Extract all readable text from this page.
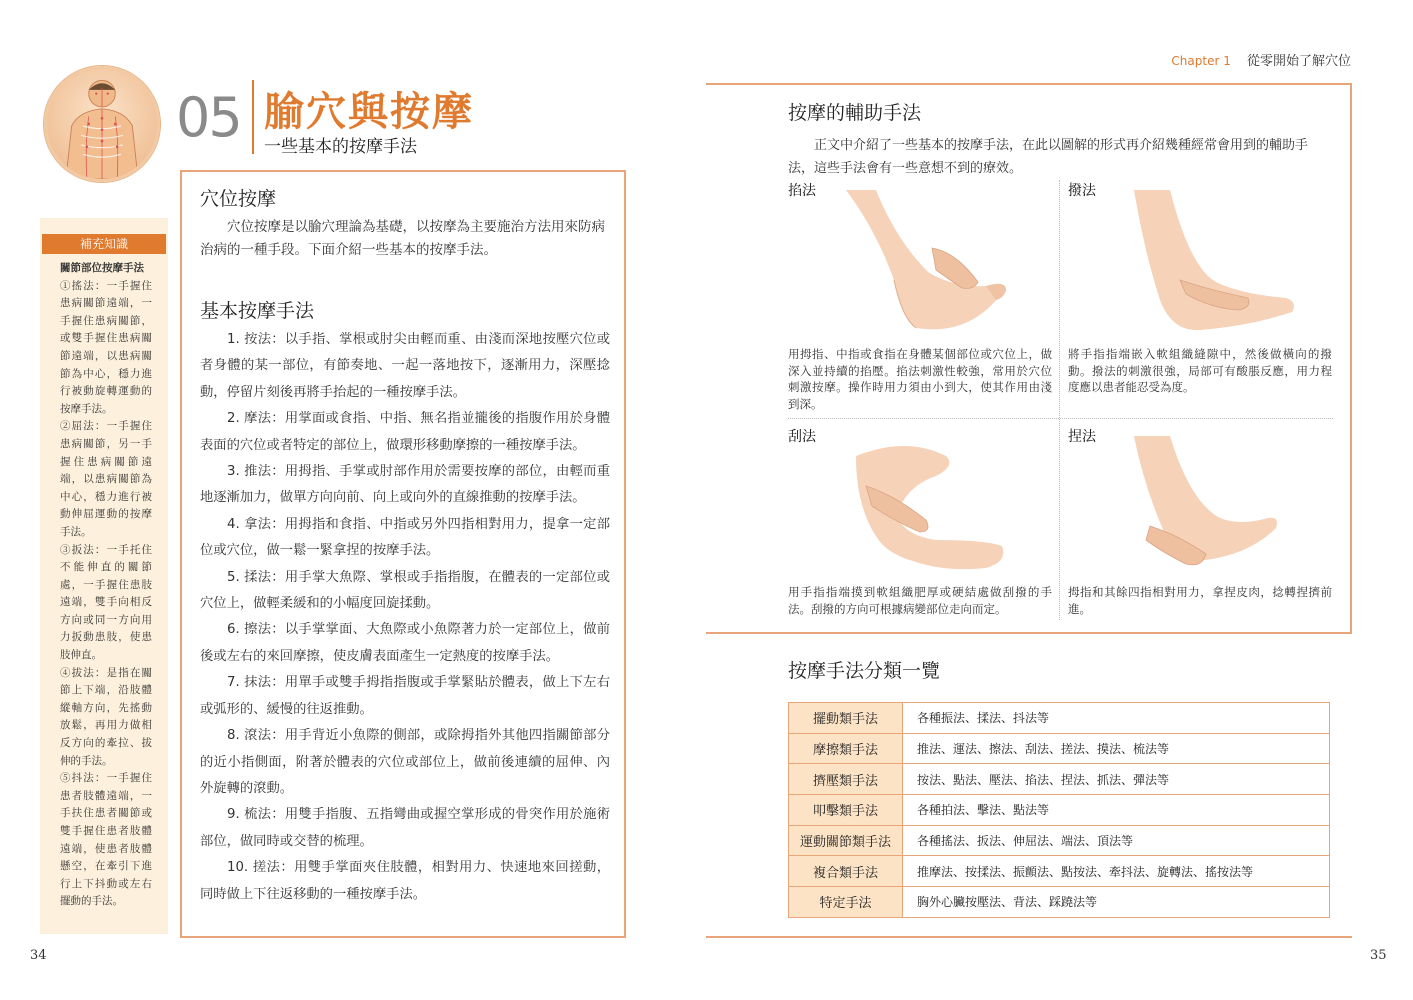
05 腧穴與按摩
一些基本的按摩手法
補充知識
關節部位按摩手法
①搖法：一手握住患病關節遠端，一手握住患病關節，或雙手握住患病關節遠端，以患病關節為中心，穩力進行被動旋轉運動的按摩手法。
②屈法：一手握住患病關節，另一手握住患病關節遠端，以患病關節為中心，穩力進行被動伸屈運動的按摩手法。
③扳法：一手托住不能伸直的關節處，一手握住患肢遠端，雙手向相反方向或同一方向用力扳動患肢，使患肢伸直。
④拔法：是指在關節上下端，沿肢體縱軸方向，先搖動放鬆，再用力做相反方向的牽拉、拔伸的手法。
⑤抖法：一手握住患者肢體遠端，一手扶住患者關節或雙手握住患者肢體遠端，使患者肢體懸空，在牽引下進行上下抖動或左右擺動的手法。
穴位按摩

穴位按摩是以腧穴理論為基礎，以按摩為主要施治方法用來防病治病的一種手段。下面介紹一些基本的按摩手法。

基本按摩手法
1. 按法：以手指、掌根或肘尖由輕而重、由淺而深地按壓穴位或者身體的某一部位，有節奏地、一起一落地按下，逐漸用力，深壓捻動，停留片刻後再將手抬起的一種按摩手法。
2. 摩法：用掌面或食指、中指、無名指並攏後的指腹作用於身體表面的穴位或者特定的部位上，做環形移動摩擦的一種按摩手法。
3. 推法：用拇指、手掌或肘部作用於需要按摩的部位，由輕而重地逐漸加力，做單方向向前、向上或向外的直線推動的按摩手法。
4. 拿法：用拇指和食指、中指或另外四指相對用力，提拿一定部位或穴位，做一鬆一緊拿捏的按摩手法。
5. 揉法：用手掌大魚際、掌根或手指指腹，在體表的一定部位或穴位上，做輕柔緩和的小幅度回旋揉動。
6. 擦法：以手掌掌面、大魚際或小魚際著力於一定部位上，做前後或左右的來回摩擦，使皮膚表面產生一定熱度的按摩手法。
7. 抹法：用單手或雙手拇指指腹或手掌緊貼於體表，做上下左右或弧形的、緩慢的往返推動。
8. 滾法：用手背近小魚際的側部，或除拇指外其他四指關節部分的近小指側面，附著於體表的穴位或部位上，做前後連續的屈伸、內外旋轉的滾動。
9. 梳法：用雙手指腹、五指彎曲或握空掌形成的骨突作用於施術部位，做同時或交替的梳理。
10. 搓法：用雙手掌面夾住肢體，相對用力、快速地來回搓動，同時做上下往返移動的一種按摩手法。
34
Chapter 1 從零開始了解穴位
按摩的輔助手法

正文中介紹了一些基本的按摩手法，在此以圖解的形式再介紹幾種經常會用到的輔助手法，這些手法會有一些意想不到的療效。

掐法
用拇指、中指或食指在身體某個部位或穴位上，做深入並持續的掐壓。掐法刺激性較強，常用於穴位刺激按摩。操作時用力須由小到大，使其作用由淺到深。
撥法
將手指指端嵌入軟組織縫隙中，然後做橫向的撥動。撥法的刺激很強，局部可有酸脹反應，用力程度應以患者能忍受為度。
刮法
用手指指端摸到軟組織肥厚或硬結處做刮撥的手法。刮撥的方向可根據病變部位走向而定。
捏法
拇指和其餘四指相對用力，拿捏皮肉，捻轉捏擠前進。
按摩手法分類一覽
擺動類手法	各種振法、揉法、抖法等
摩擦類手法	推法、運法、擦法、刮法、搓法、摸法、梳法等
擠壓類手法	按法、點法、壓法、掐法、捏法、抓法、彈法等
叩擊類手法	各種拍法、擊法、點法等
運動關節類手法	各種搖法、扳法、伸屈法、端法、頂法等
複合類手法	推摩法、按揉法、振顫法、點按法、牽抖法、旋轉法、搖按法等
特定手法	胸外心臟按壓法、背法、踩蹺法等
35
